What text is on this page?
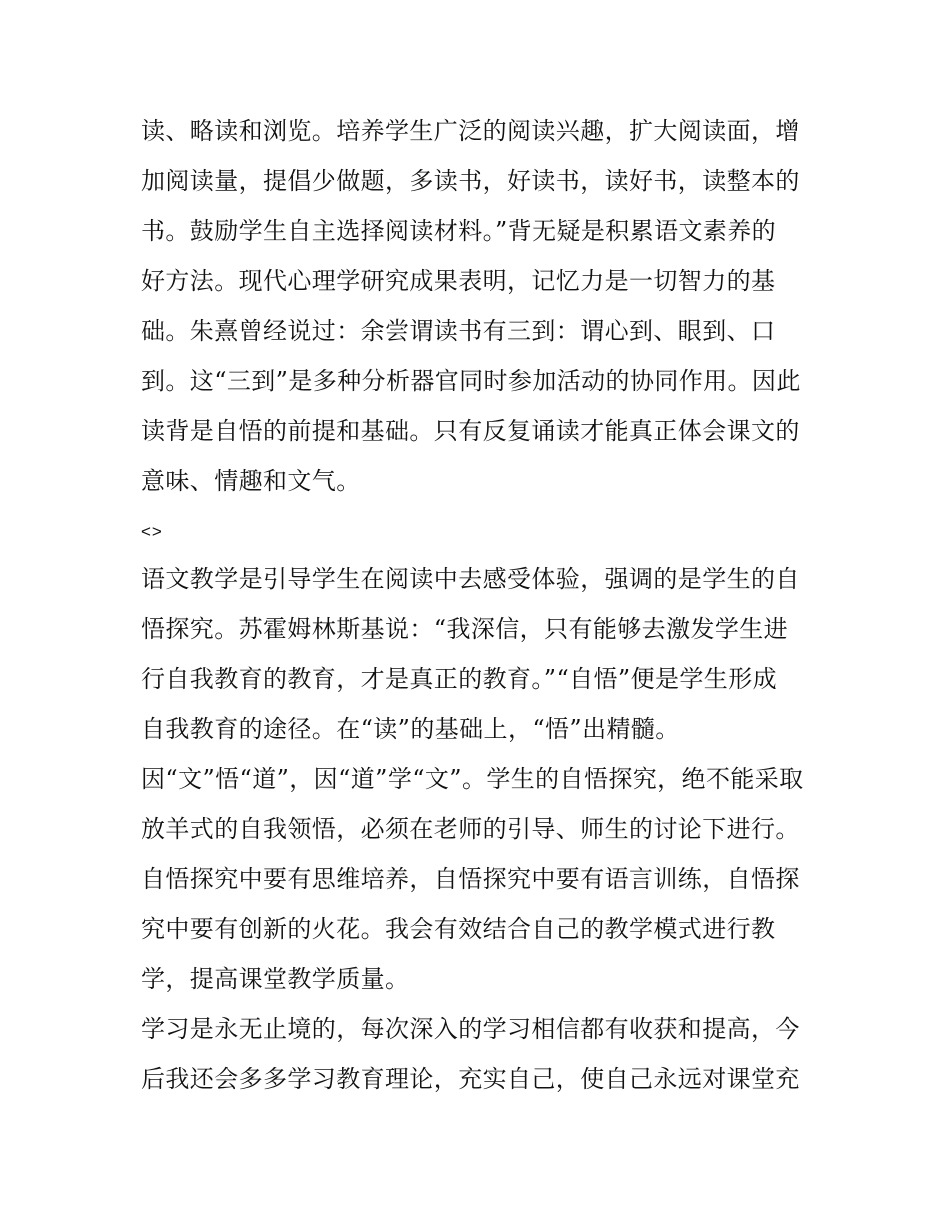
读、略读和浏览。培养学生广泛的阅读兴趣，扩大阅读面，增

加阅读量，提倡少做题，多读书，好读书，读好书，读整本的

书。鼓励学生自主选择阅读材料。”背无疑是积累语文素养的

好方法。现代心理学研究成果表明，记忆力是一切智力的基

础。朱熹曾经说过：余尝谓读书有三到：谓心到、眼到、口

到。这“三到”是多种分析器官同时参加活动的协同作用。因此

读背是自悟的前提和基础。只有反复诵读才能真正体会课文的

意味、情趣和文气。

<>

语文教学是引导学生在阅读中去感受体验，强调的是学生的自

悟探究。苏霍姆林斯基说：“我深信，只有能够去激发学生进

行自我教育的教育，才是真正的教育。”“自悟”便是学生形成

自我教育的途径。在“读”的基础上，“悟”出精髓。

因“文”悟“道”，因“道”学“文”。学生的自悟探究，绝不能采取

放羊式的自我领悟，必须在老师的引导、师生的讨论下进行。

自悟探究中要有思维培养，自悟探究中要有语言训练，自悟探

究中要有创新的火花。我会有效结合自己的教学模式进行教

学，提高课堂教学质量。

学习是永无止境的，每次深入的学习相信都有收获和提高，今

后我还会多多学习教育理论，充实自己，使自己永远对课堂充
